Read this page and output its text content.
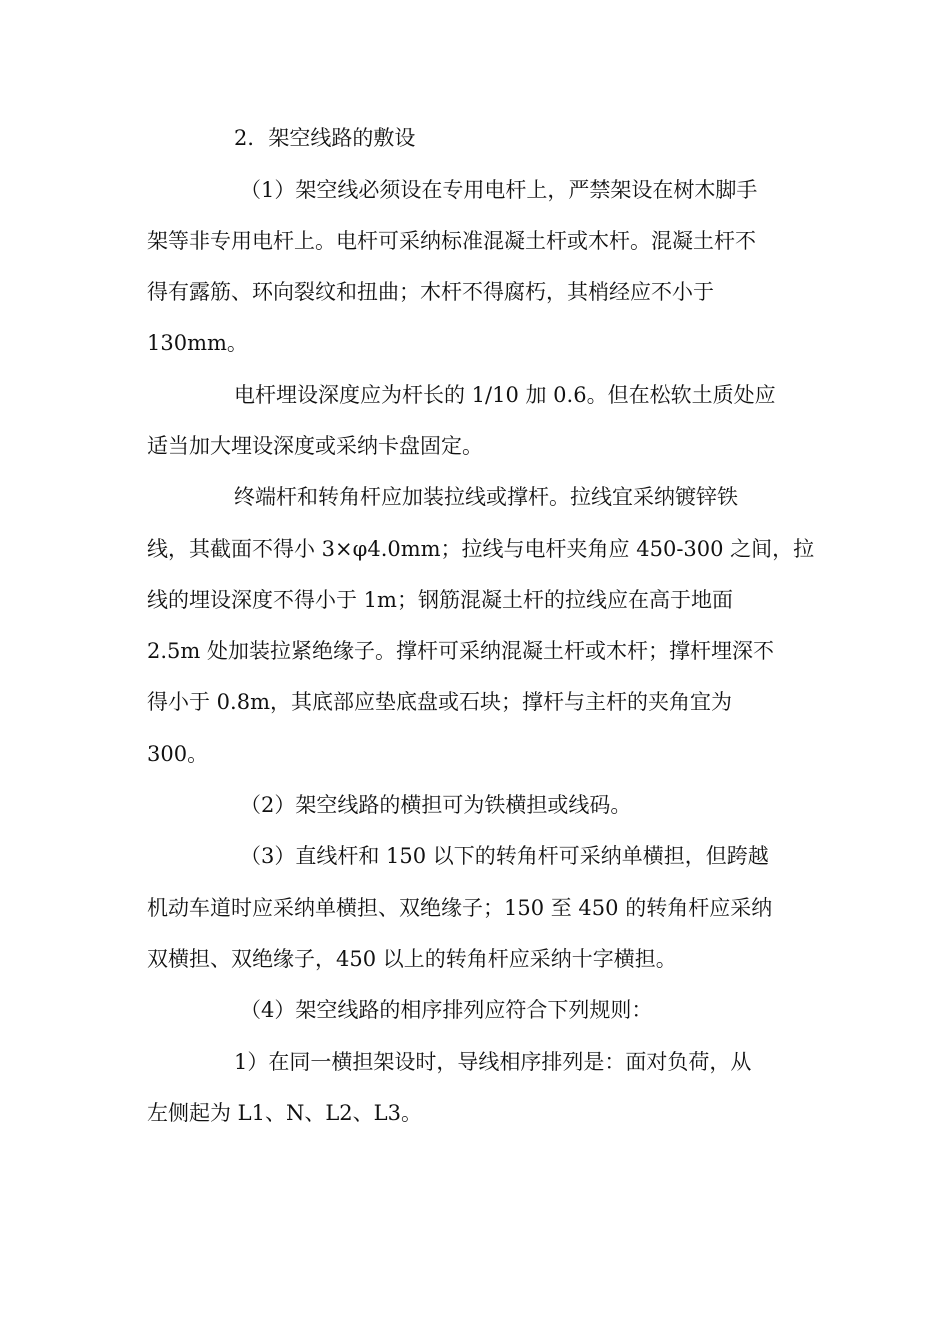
2．架空线路的敷设
（1）架空线必须设在专用电杆上，严禁架设在树木脚手
架等非专用电杆上。电杆可采纳标准混凝土杆或木杆。混凝土杆不
得有露筋、环向裂纹和扭曲；木杆不得腐朽，其梢经应不小于
130mm。
电杆埋设深度应为杆长的 1/10 加 0.6。但在松软土质处应
适当加大埋设深度或采纳卡盘固定。
终端杆和转角杆应加装拉线或撑杆。拉线宜采纳镀锌铁
线，其截面不得小 3×φ4.0mm；拉线与电杆夹角应 450-300 之间，拉
线的埋设深度不得小于 1m；钢筋混凝土杆的拉线应在高于地面
2.5m 处加装拉紧绝缘子。撑杆可采纳混凝土杆或木杆；撑杆埋深不
得小于 0.8m，其底部应垫底盘或石块；撑杆与主杆的夹角宜为
300。
（2）架空线路的横担可为铁横担或线码。
（3）直线杆和 150 以下的转角杆可采纳单横担，但跨越
机动车道时应采纳单横担、双绝缘子；150 至 450 的转角杆应采纳
双横担、双绝缘子，450 以上的转角杆应采纳十字横担。
（4）架空线路的相序排列应符合下列规则：
1）在同一横担架设时，导线相序排列是：面对负荷，从
左侧起为 L1、N、L2、L3。
